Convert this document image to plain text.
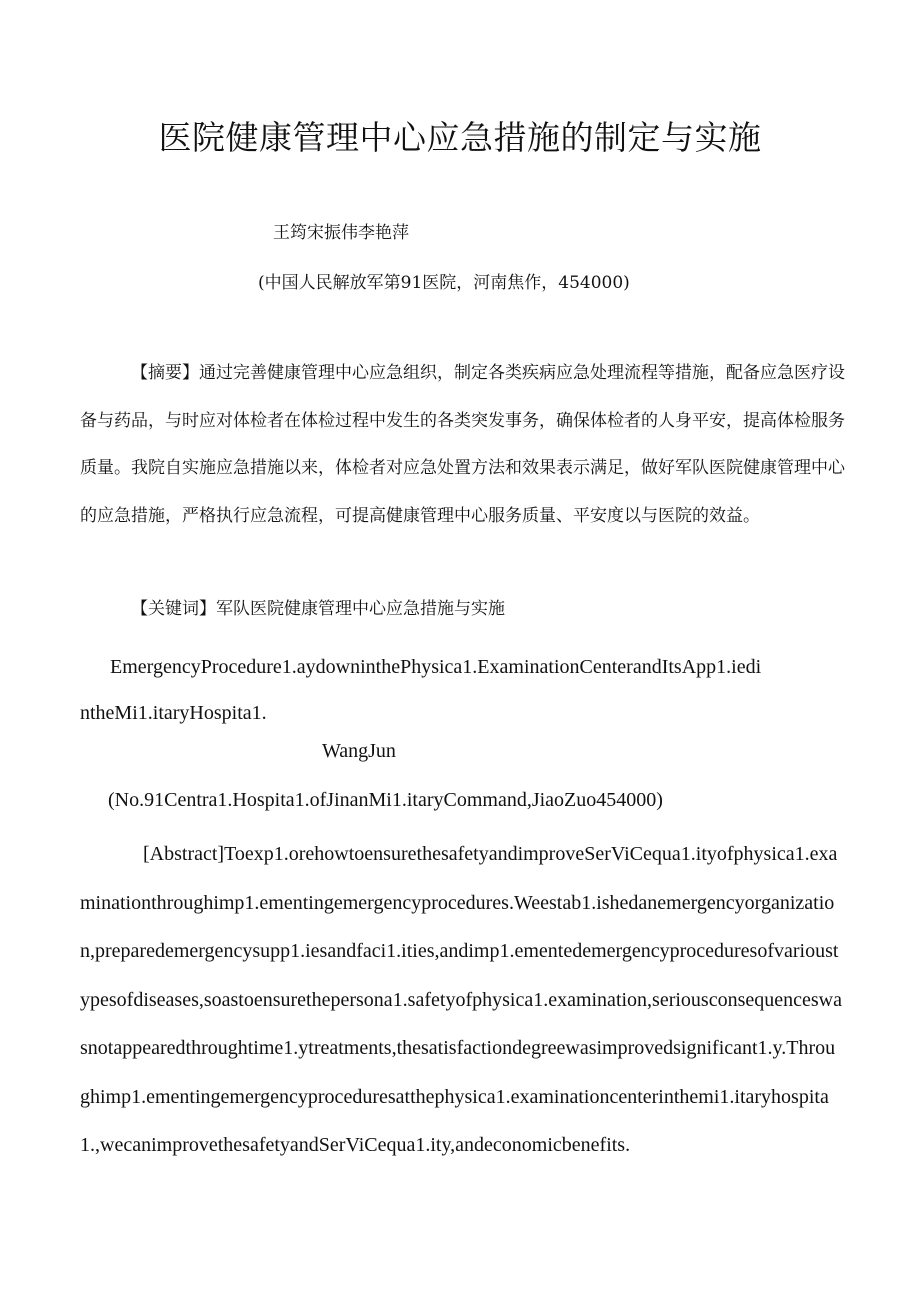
医院健康管理中心应急措施的制定与实施

王筠宋振伟李艳萍

(中国人民解放军第91医院，河南焦作，454000)

【摘要】通过完善健康管理中心应急组织，制定各类疾病应急处理流程等措施，配备应急医疗设备与药品，与时应对体检者在体检过程中发生的各类突发事务，确保体检者的人身平安，提高体检服务质量。我院自实施应急措施以来，体检者对应急处置方法和效果表示满足，做好军队医院健康管理中心的应急措施，严格执行应急流程，可提高健康管理中心服务质量、平安度以与医院的效益。

【关键词】军队医院健康管理中心应急措施与实施

EmergencyProcedure1.aydowninthePhysica1.ExaminationCenterandItsApp1.iedintheMi1.itaryHospita1.

WangJun

(No.91Centra1.Hospita1.ofJinanMi1.itaryCommand,JiaoZuo454000)

[Abstract]Toexp1.orehowtoensurethesafetyandimproveSerViCequa1.ityofphysica1.examinationthroughimp1.ementingemergencyprocedures.Weestab1.ishedanemergencyorganization,preparedemergencysupp1.iesandfaci1.ities,andimp1.ementedemergencyproceduresofvarioustypesofdiseases,soastoensurethepersona1.safetyofphysica1.examination,seriousconsequenceswasnotappearedthroughtime1.ytreatments,thesatisfactiondegreewasimprovedsignificant1.y.Throughimp1.ementingemergencyproceduresatthephysica1.examinationcenterinthemi1.itaryhospita1.,wecanimprovethesafetyandSerViCequa1.ity,andeconomicbenefits.
